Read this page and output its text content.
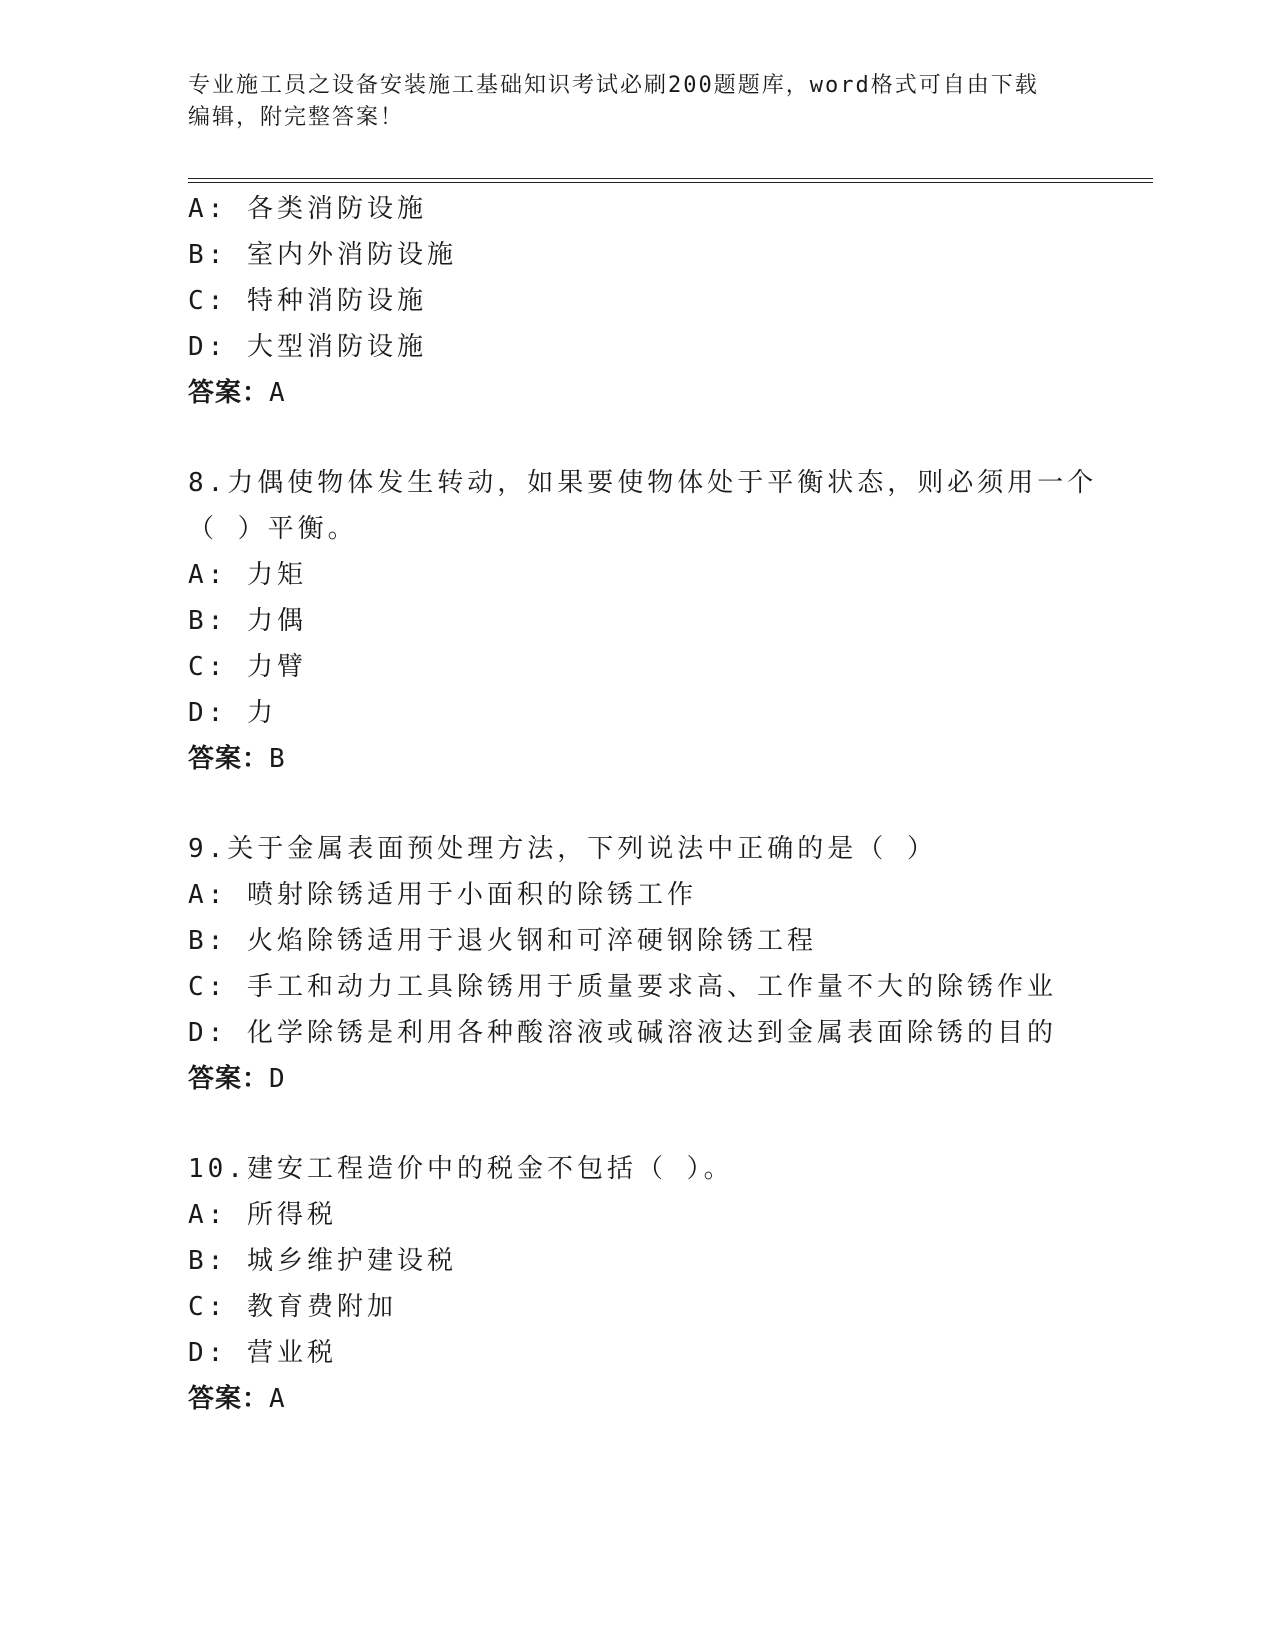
专业施工员之设备安装施工基础知识考试必刷200题题库，word格式可自由下载
编辑，附完整答案！
A: 各类消防设施
B: 室内外消防设施
C: 特种消防设施
D: 大型消防设施
答案：A
8.力偶使物体发生转动，如果要使物体处于平衡状态，则必须用一个
（ ）平衡。
A: 力矩
B: 力偶
C: 力臂
D: 力
答案：B
9.关于金属表面预处理方法，下列说法中正确的是（ ）
A: 喷射除锈适用于小面积的除锈工作
B: 火焰除锈适用于退火钢和可淬硬钢除锈工程
C: 手工和动力工具除锈用于质量要求高、工作量不大的除锈作业
D: 化学除锈是利用各种酸溶液或碱溶液达到金属表面除锈的目的
答案：D
10.建安工程造价中的税金不包括（ ）。
A: 所得税
B: 城乡维护建设税
C: 教育费附加
D: 营业税
答案：A
